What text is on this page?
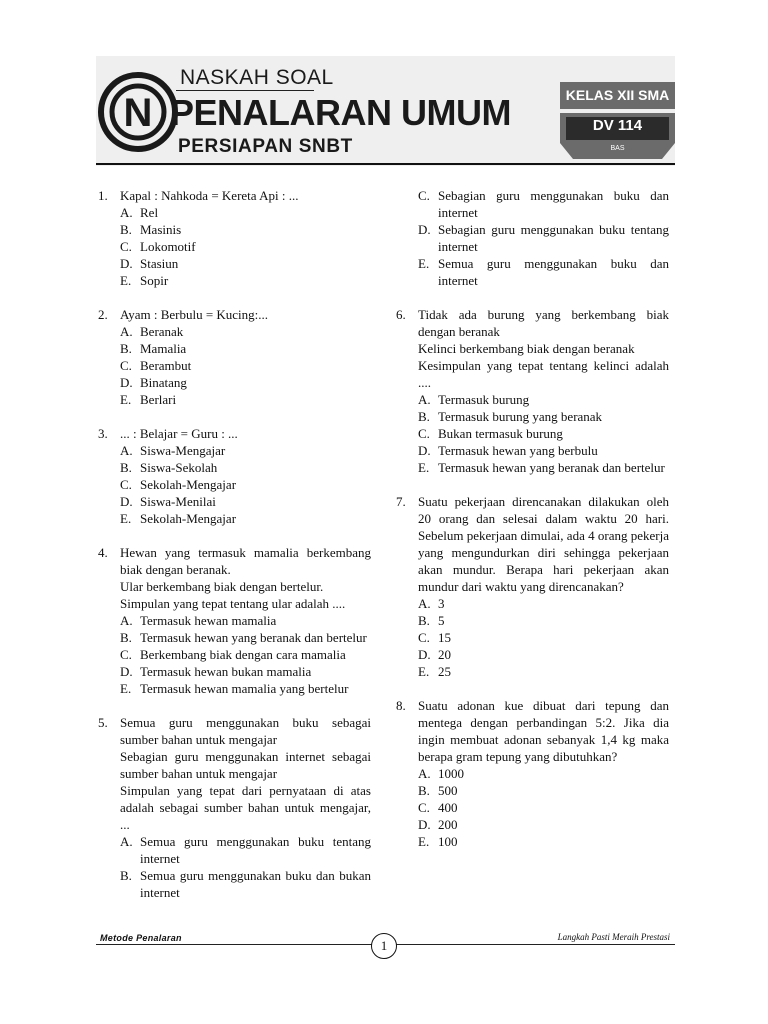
N
NASKAH SOAL
PENALARAN UMUM
PERSIAPAN SNBT
KELAS XII SMA
DV 114
BAS
1. Kapal : Nahkoda = Kereta Api : ...
A. Rel
B. Masinis
C. Lokomotif
D. Stasiun
E. Sopir
2. Ayam : Berbulu = Kucing:...
A. Beranak
B. Mamalia
C. Berambut
D. Binatang
E. Berlari
3. ... : Belajar = Guru : ...
A. Siswa-Mengajar
B. Siswa-Sekolah
C. Sekolah-Mengajar
D. Siswa-Menilai
E. Sekolah-Mengajar
4. Hewan yang termasuk mamalia berkembang biak dengan beranak.
Ular berkembang biak dengan bertelur.
Simpulan yang tepat tentang ular adalah ....
A. Termasuk hewan mamalia
B. Termasuk hewan yang beranak dan bertelur
C. Berkembang biak dengan cara mamalia
D. Termasuk hewan bukan mamalia
E. Termasuk hewan mamalia yang bertelur
5. Semua guru menggunakan buku sebagai sumber bahan untuk mengajar
Sebagian guru menggunakan internet sebagai sumber bahan untuk mengajar
Simpulan yang tepat dari pernyataan di atas adalah sebagai sumber bahan untuk mengajar, ...
A. Semua guru menggunakan buku tentang internet
B. Semua guru menggunakan buku dan bukan internet
C. Sebagian guru menggunakan buku dan internet
D. Sebagian guru menggunakan buku tentang internet
E. Semua guru menggunakan buku dan internet
6. Tidak ada burung yang berkembang biak dengan beranak
Kelinci berkembang biak dengan beranak
Kesimpulan yang tepat tentang kelinci adalah ....
A. Termasuk burung
B. Termasuk burung yang beranak
C. Bukan termasuk burung
D. Termasuk hewan yang berbulu
E. Termasuk hewan yang beranak dan bertelur
7. Suatu pekerjaan direncanakan dilakukan oleh 20 orang dan selesai dalam waktu 20 hari. Sebelum pekerjaan dimulai, ada 4 orang pekerja yang mengundurkan diri sehingga pekerjaan akan mundur. Berapa hari pekerjaan akan mundur dari waktu yang direncanakan?
A. 3
B. 5
C. 15
D. 20
E. 25
8. Suatu adonan kue dibuat dari tepung dan mentega dengan perbandingan 5:2. Jika dia ingin membuat adonan sebanyak 1,4 kg maka berapa gram tepung yang dibutuhkan?
A. 1000
B. 500
C. 400
D. 200
E. 100
Metode Penalaran	Langkah Pasti Meraih Prestasi
1
